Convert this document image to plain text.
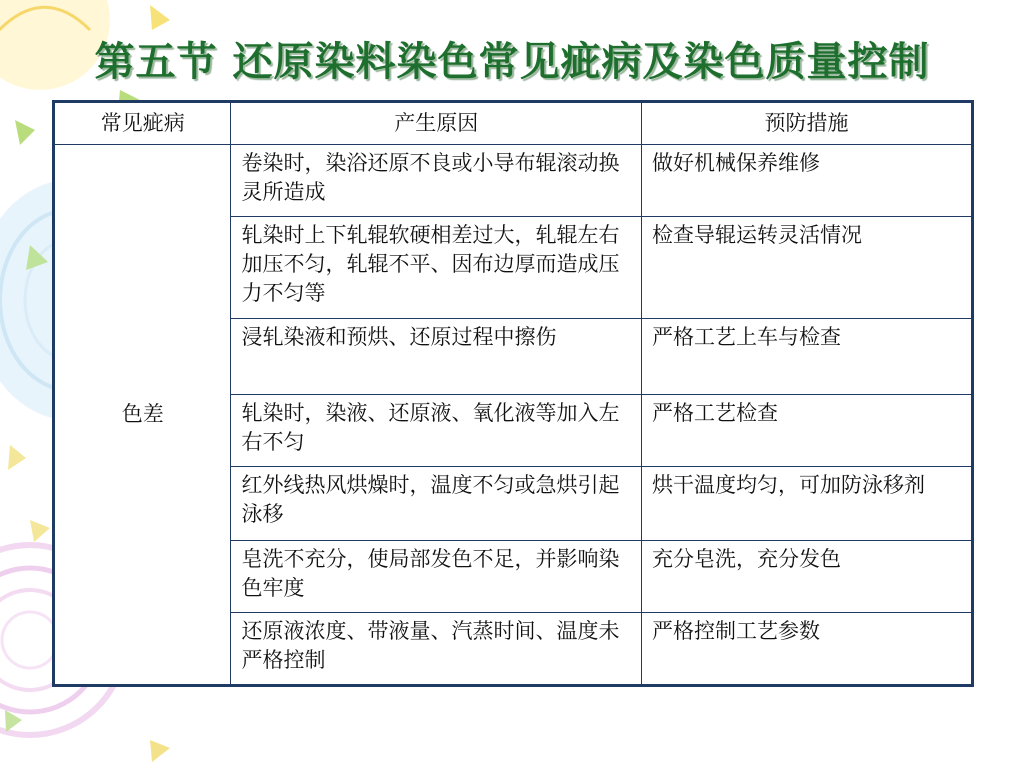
第五节 还原染料染色常见疵病及染色质量控制
常见疵病	产生原因	预防措施
色差	卷染时，染浴还原不良或小导布辊滚动换灵所造成	做好机械保养维修
	轧染时上下轧辊软硬相差过大，轧辊左右加压不匀，轧辊不平、因布边厚而造成压力不匀等	检查导辊运转灵活情况
	浸轧染液和预烘、还原过程中擦伤	严格工艺上车与检查
	轧染时，染液、还原液、氧化液等加入左右不匀	严格工艺检查
	红外线热风烘燥时，温度不匀或急烘引起泳移	烘干温度均匀，可加防泳移剂
	皂洗不充分，使局部发色不足，并影响染色牢度	充分皂洗，充分发色
	还原液浓度、带液量、汽蒸时间、温度未严格控制	严格控制工艺参数
